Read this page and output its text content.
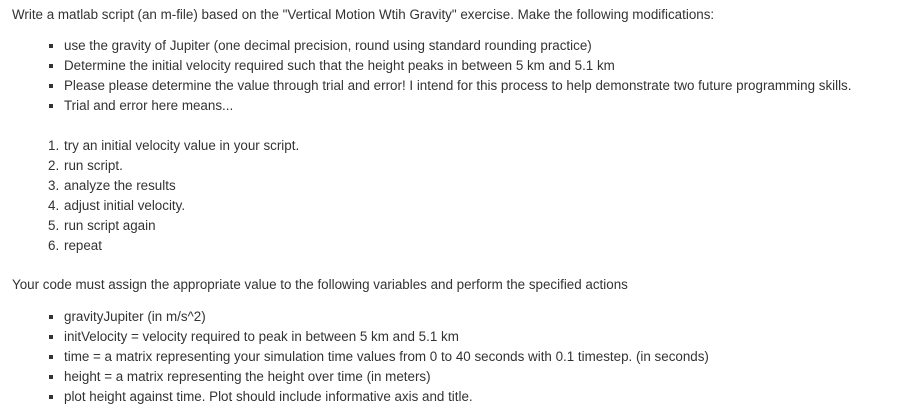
Write a matlab script (an m-file) based on the "Vertical Motion Wtih Gravity" exercise. Make the following modifications:
use the gravity of Jupiter (one decimal precision, round using standard rounding practice)
Determine the initial velocity required such that the height peaks in between 5 km and 5.1 km
Please please determine the value through trial and error! I intend for this process to help demonstrate two future programming skills.
Trial and error here means...
1. try an initial velocity value in your script.
2. run script.
3. analyze the results
4. adjust initial velocity.
5. run script again
6. repeat
Your code must assign the appropriate value to the following variables and perform the specified actions
gravityJupiter (in m/s^2)
initVelocity = velocity required to peak in between 5 km and 5.1 km
time = a matrix representing your simulation time values from 0 to 40 seconds with 0.1 timestep. (in seconds)
height = a matrix representing the height over time (in meters)
plot height against time. Plot should include informative axis and title.
